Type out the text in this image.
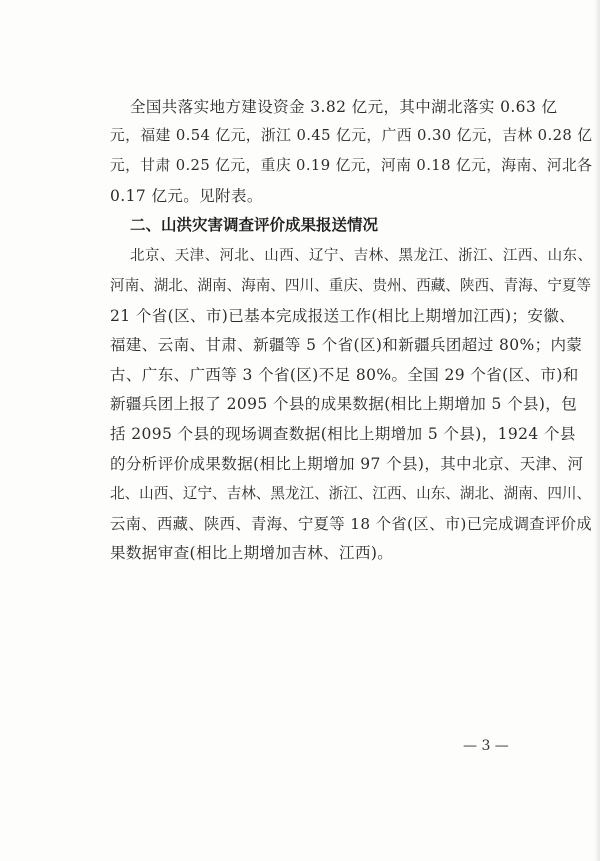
全国共落实地方建设资金 3.82 亿元，其中湖北落实 0.63 亿
元，福建 0.54 亿元，浙江 0.45 亿元，广西 0.30 亿元，吉林 0.28 亿
元，甘肃 0.25 亿元，重庆 0.19 亿元，河南 0.18 亿元，海南、河北各
0.17 亿元。见附表。
二、山洪灾害调查评价成果报送情况
北京、天津、河北、山西、辽宁、吉林、黑龙江、浙江、江西、山东、
河南、湖北、湖南、海南、四川、重庆、贵州、西藏、陕西、青海、宁夏等
21 个省(区、市)已基本完成报送工作(相比上期增加江西)；安徽、
福建、云南、甘肃、新疆等 5 个省(区)和新疆兵团超过 80%；内蒙
古、广东、广西等 3 个省(区)不足 80%。全国 29 个省(区、市)和
新疆兵团上报了 2095 个县的成果数据(相比上期增加 5 个县)，包
括 2095 个县的现场调查数据(相比上期增加 5 个县)，1924 个县
的分析评价成果数据(相比上期增加 97 个县)，其中北京、天津、河
北、山西、辽宁、吉林、黑龙江、浙江、江西、山东、湖北、湖南、四川、
云南、西藏、陕西、青海、宁夏等 18 个省(区、市)已完成调查评价成
果数据审查(相比上期增加吉林、江西)。
— 3 —
